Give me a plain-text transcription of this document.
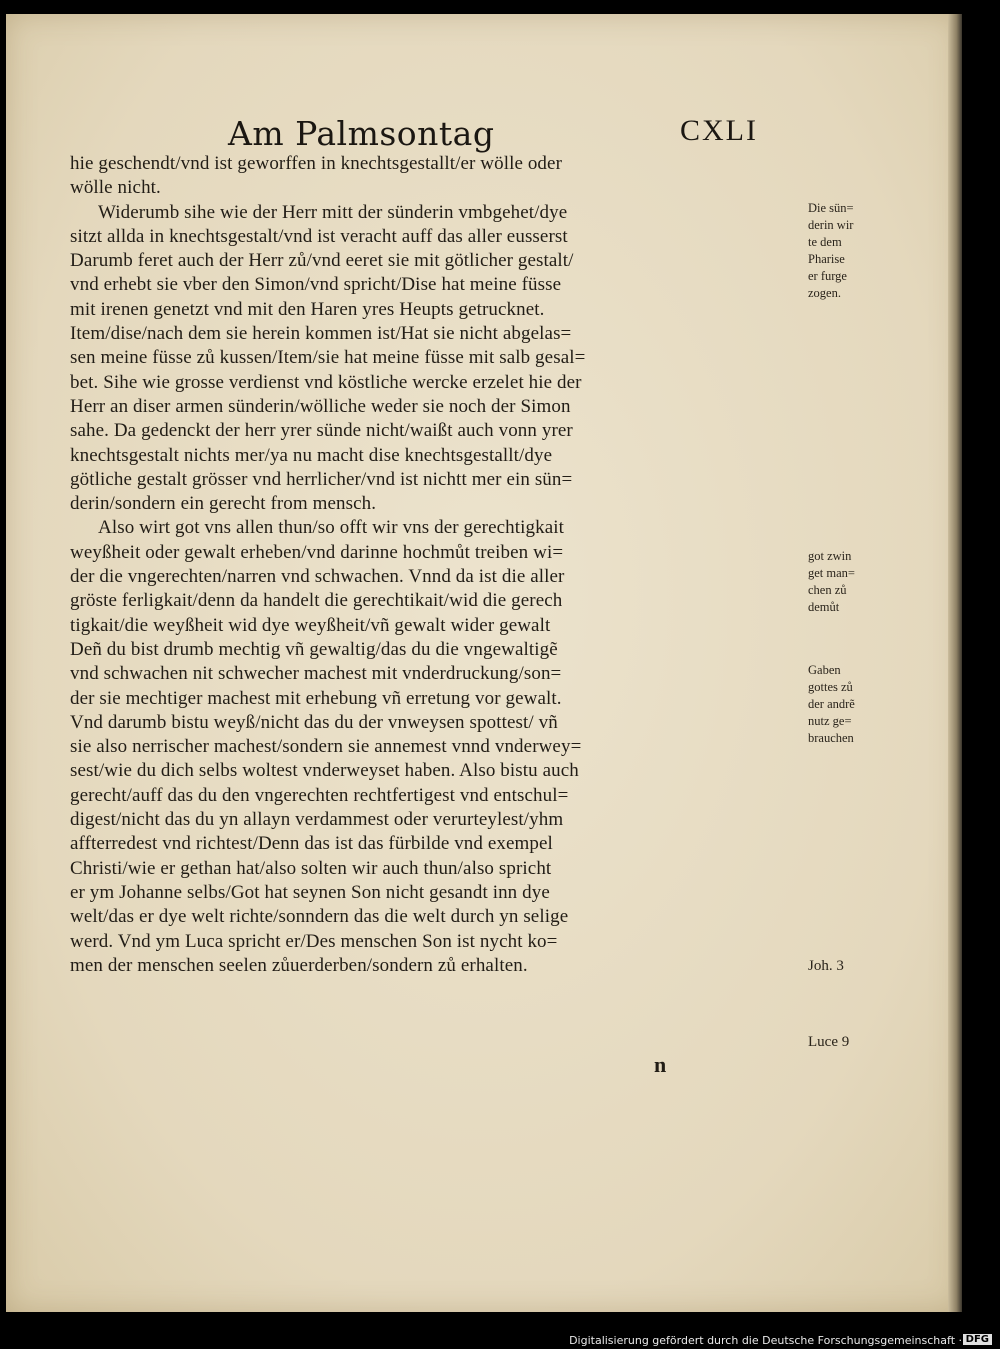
Am Palmsontag	CXLI
hie geschendt/vnd ist geworffen in knechtsgestallt/er wölle oder
wölle nicht.
Widerumb sihe wie der Herr mitt der sünderin vmbgehet/dye
sitzt allda in knechtsgestalt/vnd ist veracht auff das aller eusserst
Darumb feret auch der Herr zů/vnd eeret sie mit götlicher gestalt/
vnd erhebt sie vber den Simon/vnd spricht/Dise hat meine füsse
mit irenen genetzt vnd mit den Haren yres Heupts getrucknet.
Item/dise/nach dem sie herein kommen ist/Hat sie nicht abgelas=
sen meine füsse zů kussen/Item/sie hat meine füsse mit salb gesal=
bet. Sihe wie grosse verdienst vnd köstliche wercke erzelet hie der
Herr an diser armen sünderin/wölliche weder sie noch der Simon
sahe. Da gedenckt der herr yrer sünde nicht/waißt auch vonn yrer
knechtsgestalt nichts mer/ya nu macht dise knechtsgestallt/dye
götliche gestalt grösser vnd herrlicher/vnd ist nichtt mer ein sün=
derin/sondern ein gerecht from mensch.
Also wirt got vns allen thun/so offt wir vns der gerechtigkait
weyßheit oder gewalt erheben/vnd darinne hochmůt treiben wi=
der die vngerechten/narren vnd schwachen. Vnnd da ist die aller
gröste ferligkait/denn da handelt die gerechtikait/wid die gerech
tigkait/die weyßheit wid dye weyßheit/vñ gewalt wider gewalt
Deñ du bist drumb mechtig vñ gewaltig/das du die vngewaltigẽ
vnd schwachen nit schwecher machest mit vnderdruckung/son=
der sie mechtiger machest mit erhebung vñ erretung vor gewalt.
Vnd darumb bistu weyß/nicht das du der vnweysen spottest/ vñ
sie also nerrischer machest/sondern sie annemest vnnd vnderwey=
sest/wie du dich selbs woltest vnderweyset haben. Also bistu auch
gerecht/auff das du den vngerechten rechtfertigest vnd entschul=
digest/nicht das du yn allayn verdammest oder verurteylest/yhm
affterredest vnd richtest/Denn das ist das fürbilde vnd exempel
Christi/wie er gethan hat/also solten wir auch thun/also spricht
er ym Johanne selbs/Got hat seynen Son nicht gesandt inn dye
welt/das er dye welt richte/sonndern das die welt durch yn selige
werd. Vnd ym Luca spricht er/Des menschen Son ist nycht ko=
men der menschen seelen zůuerderben/sondern zů erhalten.
Die sün=
derin wir
te dem
Pharise
er furge
zogen.
got zwin
get man=
chen zů
demůt
Gaben
gottes zů
der andrẽ
nutz ge=
brauchen
Joh. 3
Luce 9
n
Digitalisierung gefördert durch die Deutsche Forschungsgemeinschaft · DFG
